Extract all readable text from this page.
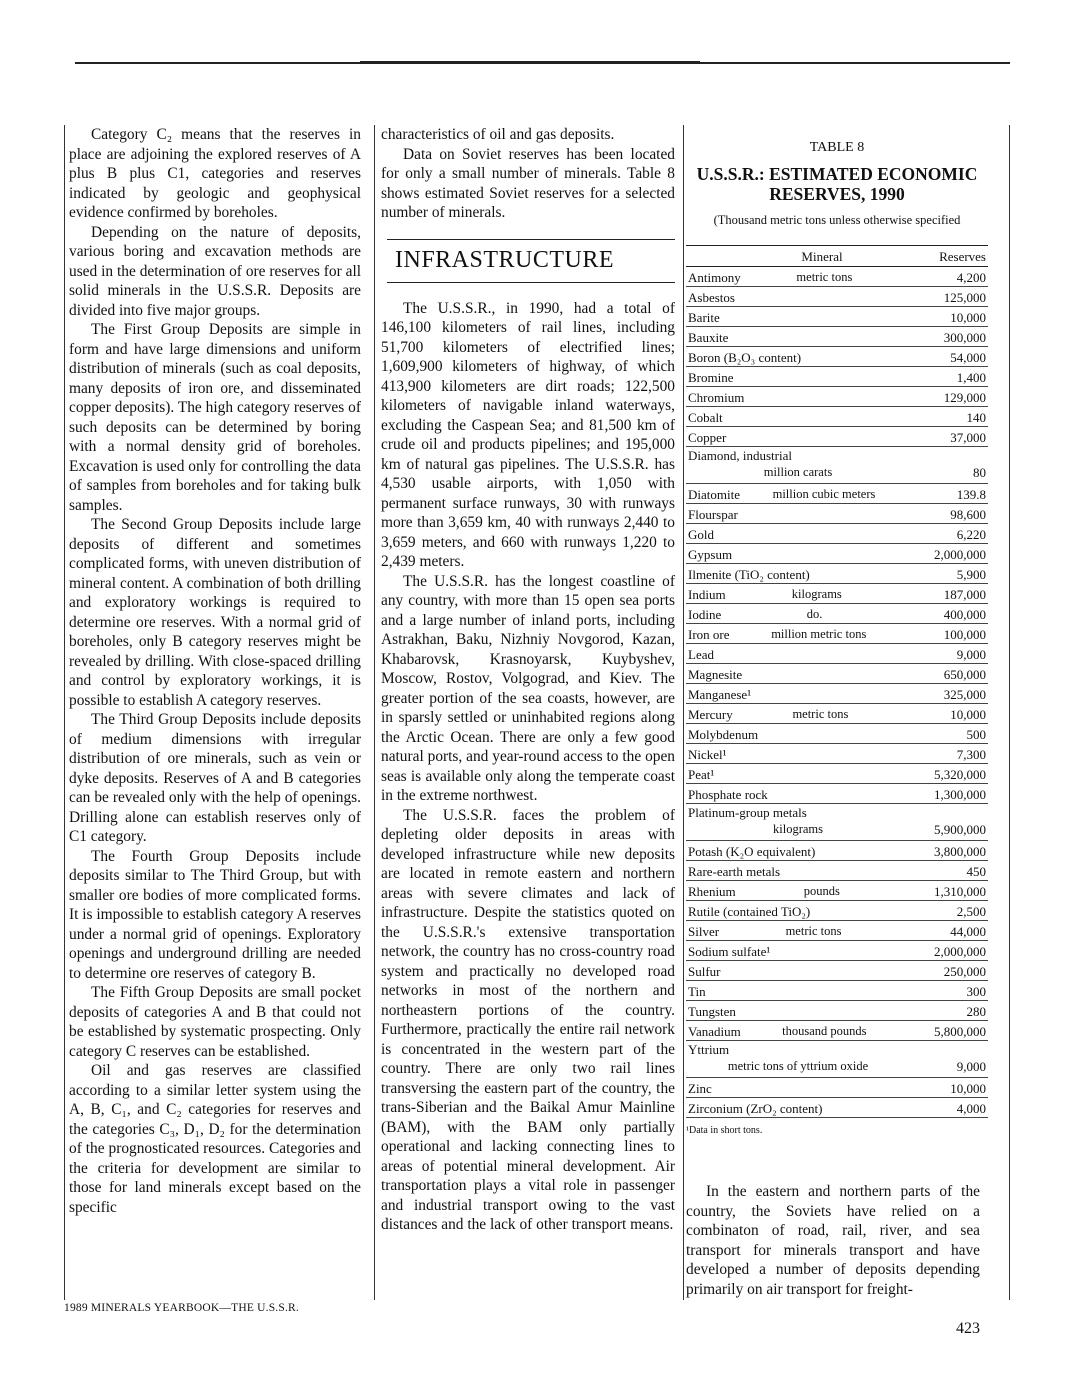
Category C₂ means that the reserves in place are adjoining the explored reserves of A plus B plus C1, categories and reserves indicated by geologic and geophysical evidence confirmed by boreholes.

Depending on the nature of deposits, various boring and excavation methods are used in the determination of ore reserves for all solid minerals in the U.S.S.R. Deposits are divided into five major groups.

The First Group Deposits are simple in form and have large dimensions and uniform distribution of minerals (such as coal deposits, many deposits of iron ore, and disseminated copper deposits). The high category reserves of such deposits can be determined by boring with a normal density grid of boreholes. Excavation is used only for controlling the data of samples from boreholes and for taking bulk samples.

The Second Group Deposits include large deposits of different and sometimes complicated forms, with uneven distribution of mineral content. A combination of both drilling and exploratory workings is required to determine ore reserves. With a normal grid of boreholes, only B category reserves might be revealed by drilling. With close-spaced drilling and control by exploratory workings, it is possible to establish A category reserves.

The Third Group Deposits include deposits of medium dimensions with irregular distribution of ore minerals, such as vein or dyke deposits. Reserves of A and B categories can be revealed only with the help of openings. Drilling alone can establish reserves only of C1 category.

The Fourth Group Deposits include deposits similar to The Third Group, but with smaller ore bodies of more complicated forms. It is impossible to establish category A reserves under a normal grid of openings. Exploratory openings and underground drilling are needed to determine ore reserves of category B.

The Fifth Group Deposits are small pocket deposits of categories A and B that could not be established by systematic prospecting. Only category C reserves can be established.

Oil and gas reserves are classified according to a similar letter system using the A, B, C₁, and C₂ categories for reserves and the categories C₃, D₁, D₂ for the determination of the prognosticated resources. Categories and the criteria for development are similar to those for land minerals except based on the specific

characteristics of oil and gas deposits.

Data on Soviet reserves has been located for only a small number of minerals. Table 8 shows estimated Soviet reserves for a selected number of minerals.

INFRASTRUCTURE

The U.S.S.R., in 1990, had a total of 146,100 kilometers of rail lines, including 51,700 kilometers of electrified lines; 1,609,900 kilometers of highway, of which 413,900 kilometers are dirt roads; 122,500 kilometers of navigable inland waterways, excluding the Caspean Sea; and 81,500 km of crude oil and products pipelines; and 195,000 km of natural gas pipelines. The U.S.S.R. has 4,530 usable airports, with 1,050 with permanent surface runways, 30 with runways more than 3,659 km, 40 with runways 2,440 to 3,659 meters, and 660 with runways 1,220 to 2,439 meters.

The U.S.S.R. has the longest coastline of any country, with more than 15 open sea ports and a large number of inland ports, including Astrakhan, Baku, Nizhniy Novgorod, Kazan, Khabarovsk, Krasnoyarsk, Kuybyshev, Moscow, Rostov, Volgograd, and Kiev. The greater portion of the sea coasts, however, are in sparsly settled or uninhabited regions along the Arctic Ocean. There are only a few good natural ports, and year-round access to the open seas is available only along the temperate coast in the extreme northwest.

The U.S.S.R. faces the problem of depleting older deposits in areas with developed infrastructure while new deposits are located in remote eastern and northern areas with severe climates and lack of infrastructure. Despite the statistics quoted on the U.S.S.R.'s extensive transportation network, the country has no cross-country road system and practically no developed road networks in most of the northern and northeastern portions of the country. Furthermore, practically the entire rail network is concentrated in the western part of the country. There are only two rail lines transversing the eastern part of the country, the trans-Siberian and the Baikal Amur Mainline (BAM), with the BAM only partially operational and lacking connecting lines to areas of potential mineral development. Air transportation plays a vital role in passenger and industrial transport owing to the vast distances and the lack of other transport means.

TABLE 8
U.S.S.R.: ESTIMATED ECONOMIC RESERVES, 1990
(Thousand metric tons unless otherwise specified
Mineral	Reserves
Antimony	metric tons	4,200
Asbestos	125,000
Barite	10,000
Bauxite	300,000
Boron (B₂O₃ content)	54,000
Bromine	1,400
Chromium	129,000
Cobalt	140
Copper	37,000
Diamond, industrial
million carats	80
Diatomite	million cubic meters	139.8
Flourspar	98,600
Gold	6,220
Gypsum	2,000,000
Ilmenite (TiO₂ content)	5,900
Indium	kilograms	187,000
Iodine	do.	400,000
Iron ore	million metric tons	100,000
Lead	9,000
Magnesite	650,000
Manganese¹	325,000
Mercury	metric tons	10,000
Molybdenum	500
Nickel¹	7,300
Peat¹	5,320,000
Phosphate rock	1,300,000
Platinum-group metals
kilograms	5,900,000
Potash (K₂O equivalent)	3,800,000
Rare-earth metals	450
Rhenium	pounds	1,310,000
Rutile (contained TiO₂)	2,500
Silver	metric tons	44,000
Sodium sulfate¹	2,000,000
Sulfur	250,000
Tin	300
Tungsten	280
Vanadium	thousand pounds	5,800,000
Yttrium
metric tons of yttrium oxide	9,000
Zinc	10,000
Zirconium (ZrO₂ content)	4,000
¹Data in short tons.

In the eastern and northern parts of the country, the Soviets have relied on a combinaton of road, rail, river, and sea transport for minerals transport and have developed a number of deposits depending primarily on air transport for freight-

1989 MINERALS YEARBOOK—THE U.S.S.R.
423
